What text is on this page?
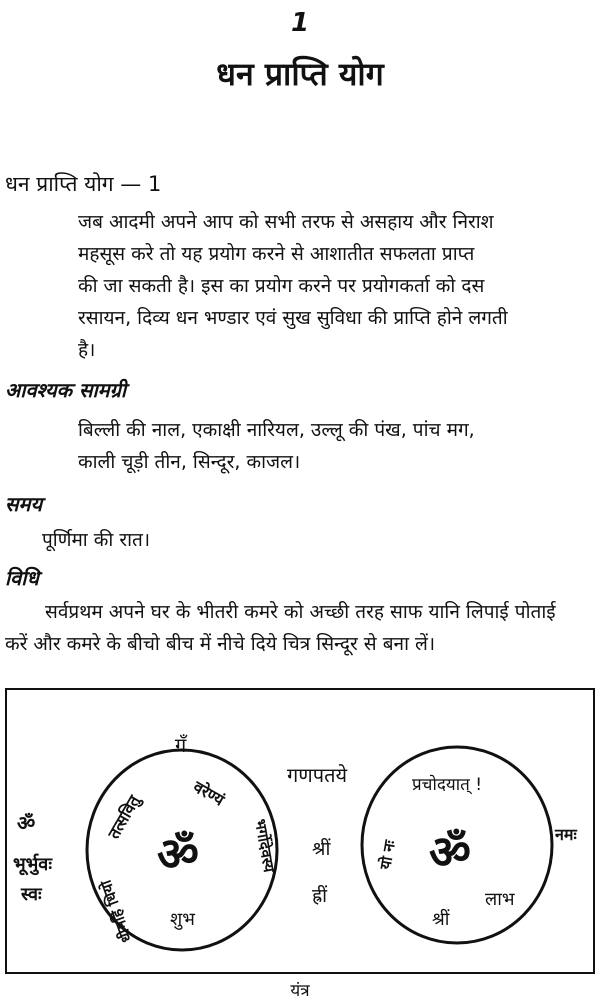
1
धन प्राप्ति योग
धन प्राप्ति योग — 1
जब आदमी अपने आप को सभी तरफ से असहाय और निराश
महसूस करे तो यह प्रयोग करने से आशातीत सफलता प्राप्त
की जा सकती है। इस का प्रयोग करने पर प्रयोगकर्ता को दस
रसायन, दिव्य धन भण्डार एवं सुख सुविधा की प्राप्ति होने लगती
है।
आवश्यक सामग्री
बिल्ली की नाल, एकाक्षी नारियल, उल्लू की पंख, पांच मग,
काली चूड़ी तीन, सिन्दूर, काजल।
समय
पूर्णिमा की रात।
विधि
सर्वप्रथम अपने घर के भीतरी कमरे को अच्छी तरह साफ यानि लिपाई पोताई
करें और कमरे के बीचो बीच में नीचे दिये चित्र सिन्दूर से बना लें।
गँ
गणपतये
ॐ
भूर्भुवः
स्वः
ॐ
तत्सवितु	वरेण्यं
भर्गोदेवस्य
धीमहि धियो शुभ
श्रीं
ह्रीं
प्रचोदयात् !
यो नः ॐ
लाभ
श्रीं
नमः
यंत्र
